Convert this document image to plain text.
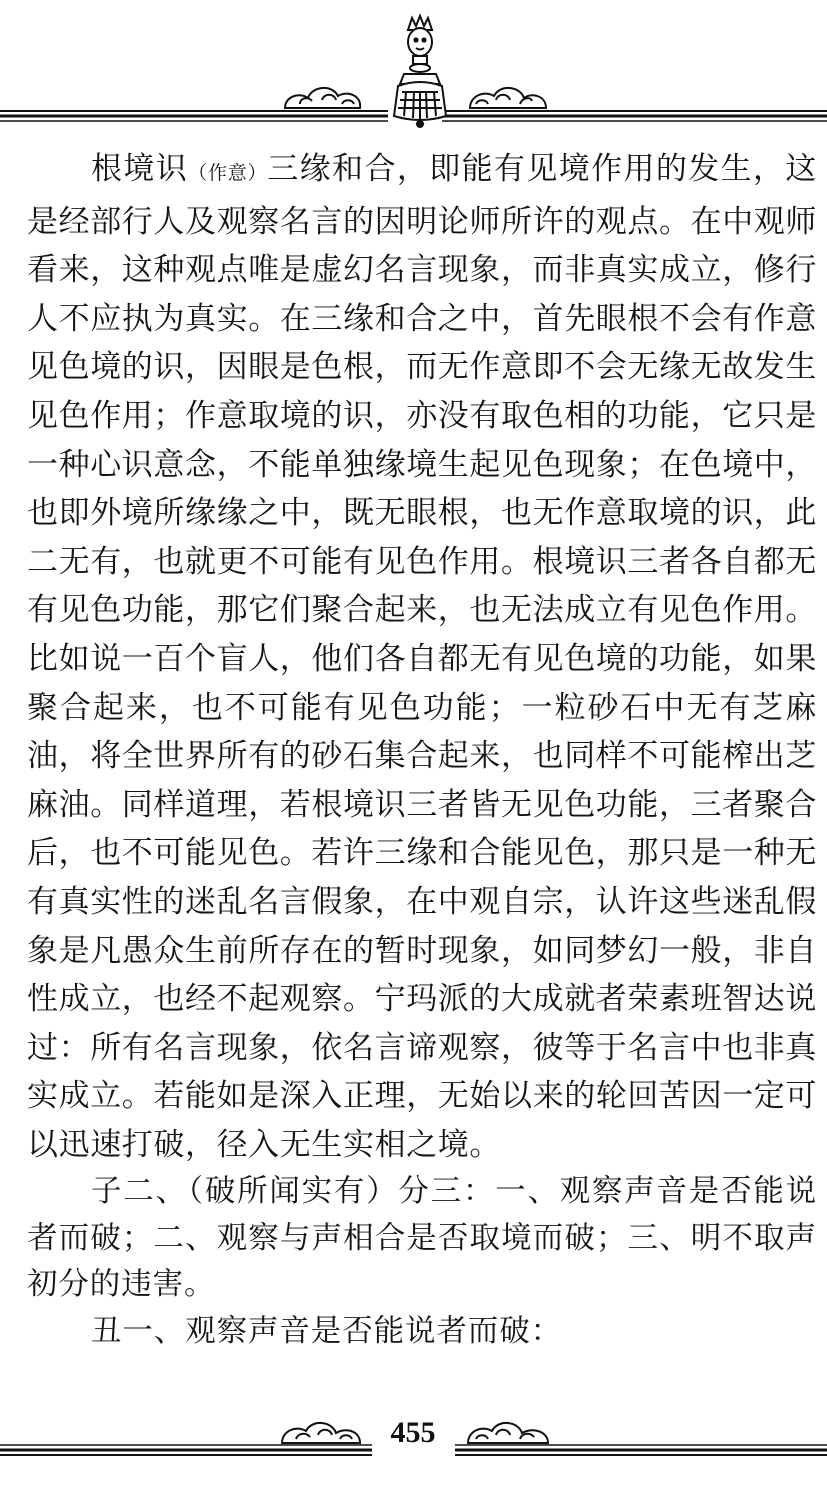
根境识（作意）三缘和合，即能有见境作用的发生，这是经部行人及观察名言的因明论师所许的观点。在中观师看来，这种观点唯是虚幻名言现象，而非真实成立，修行人不应执为真实。在三缘和合之中，首先眼根不会有作意见色境的识，因眼是色根，而无作意即不会无缘无故发生见色作用；作意取境的识，亦没有取色相的功能，它只是一种心识意念，不能单独缘境生起见色现象；在色境中，也即外境所缘缘之中，既无眼根，也无作意取境的识，此二无有，也就更不可能有见色作用。根境识三者各自都无有见色功能，那它们聚合起来，也无法成立有见色作用。比如说一百个盲人，他们各自都无有见色境的功能，如果聚合起来，也不可能有见色功能；一粒砂石中无有芝麻油，将全世界所有的砂石集合起来，也同样不可能榨出芝麻油。同样道理，若根境识三者皆无见色功能，三者聚合后，也不可能见色。若许三缘和合能见色，那只是一种无有真实性的迷乱名言假象，在中观自宗，认许这些迷乱假象是凡愚众生前所存在的暂时现象，如同梦幻一般，非自性成立，也经不起观察。宁玛派的大成就者荣素班智达说过：所有名言现象，依名言谛观察，彼等于名言中也非真实成立。若能如是深入正理，无始以来的轮回苦因一定可以迅速打破，径入无生实相之境。

子二、（破所闻实有）分三：一、观察声音是否能说者而破；二、观察与声相合是否取境而破；三、明不取声初分的违害。

丑一、观察声音是否能说者而破：

455
